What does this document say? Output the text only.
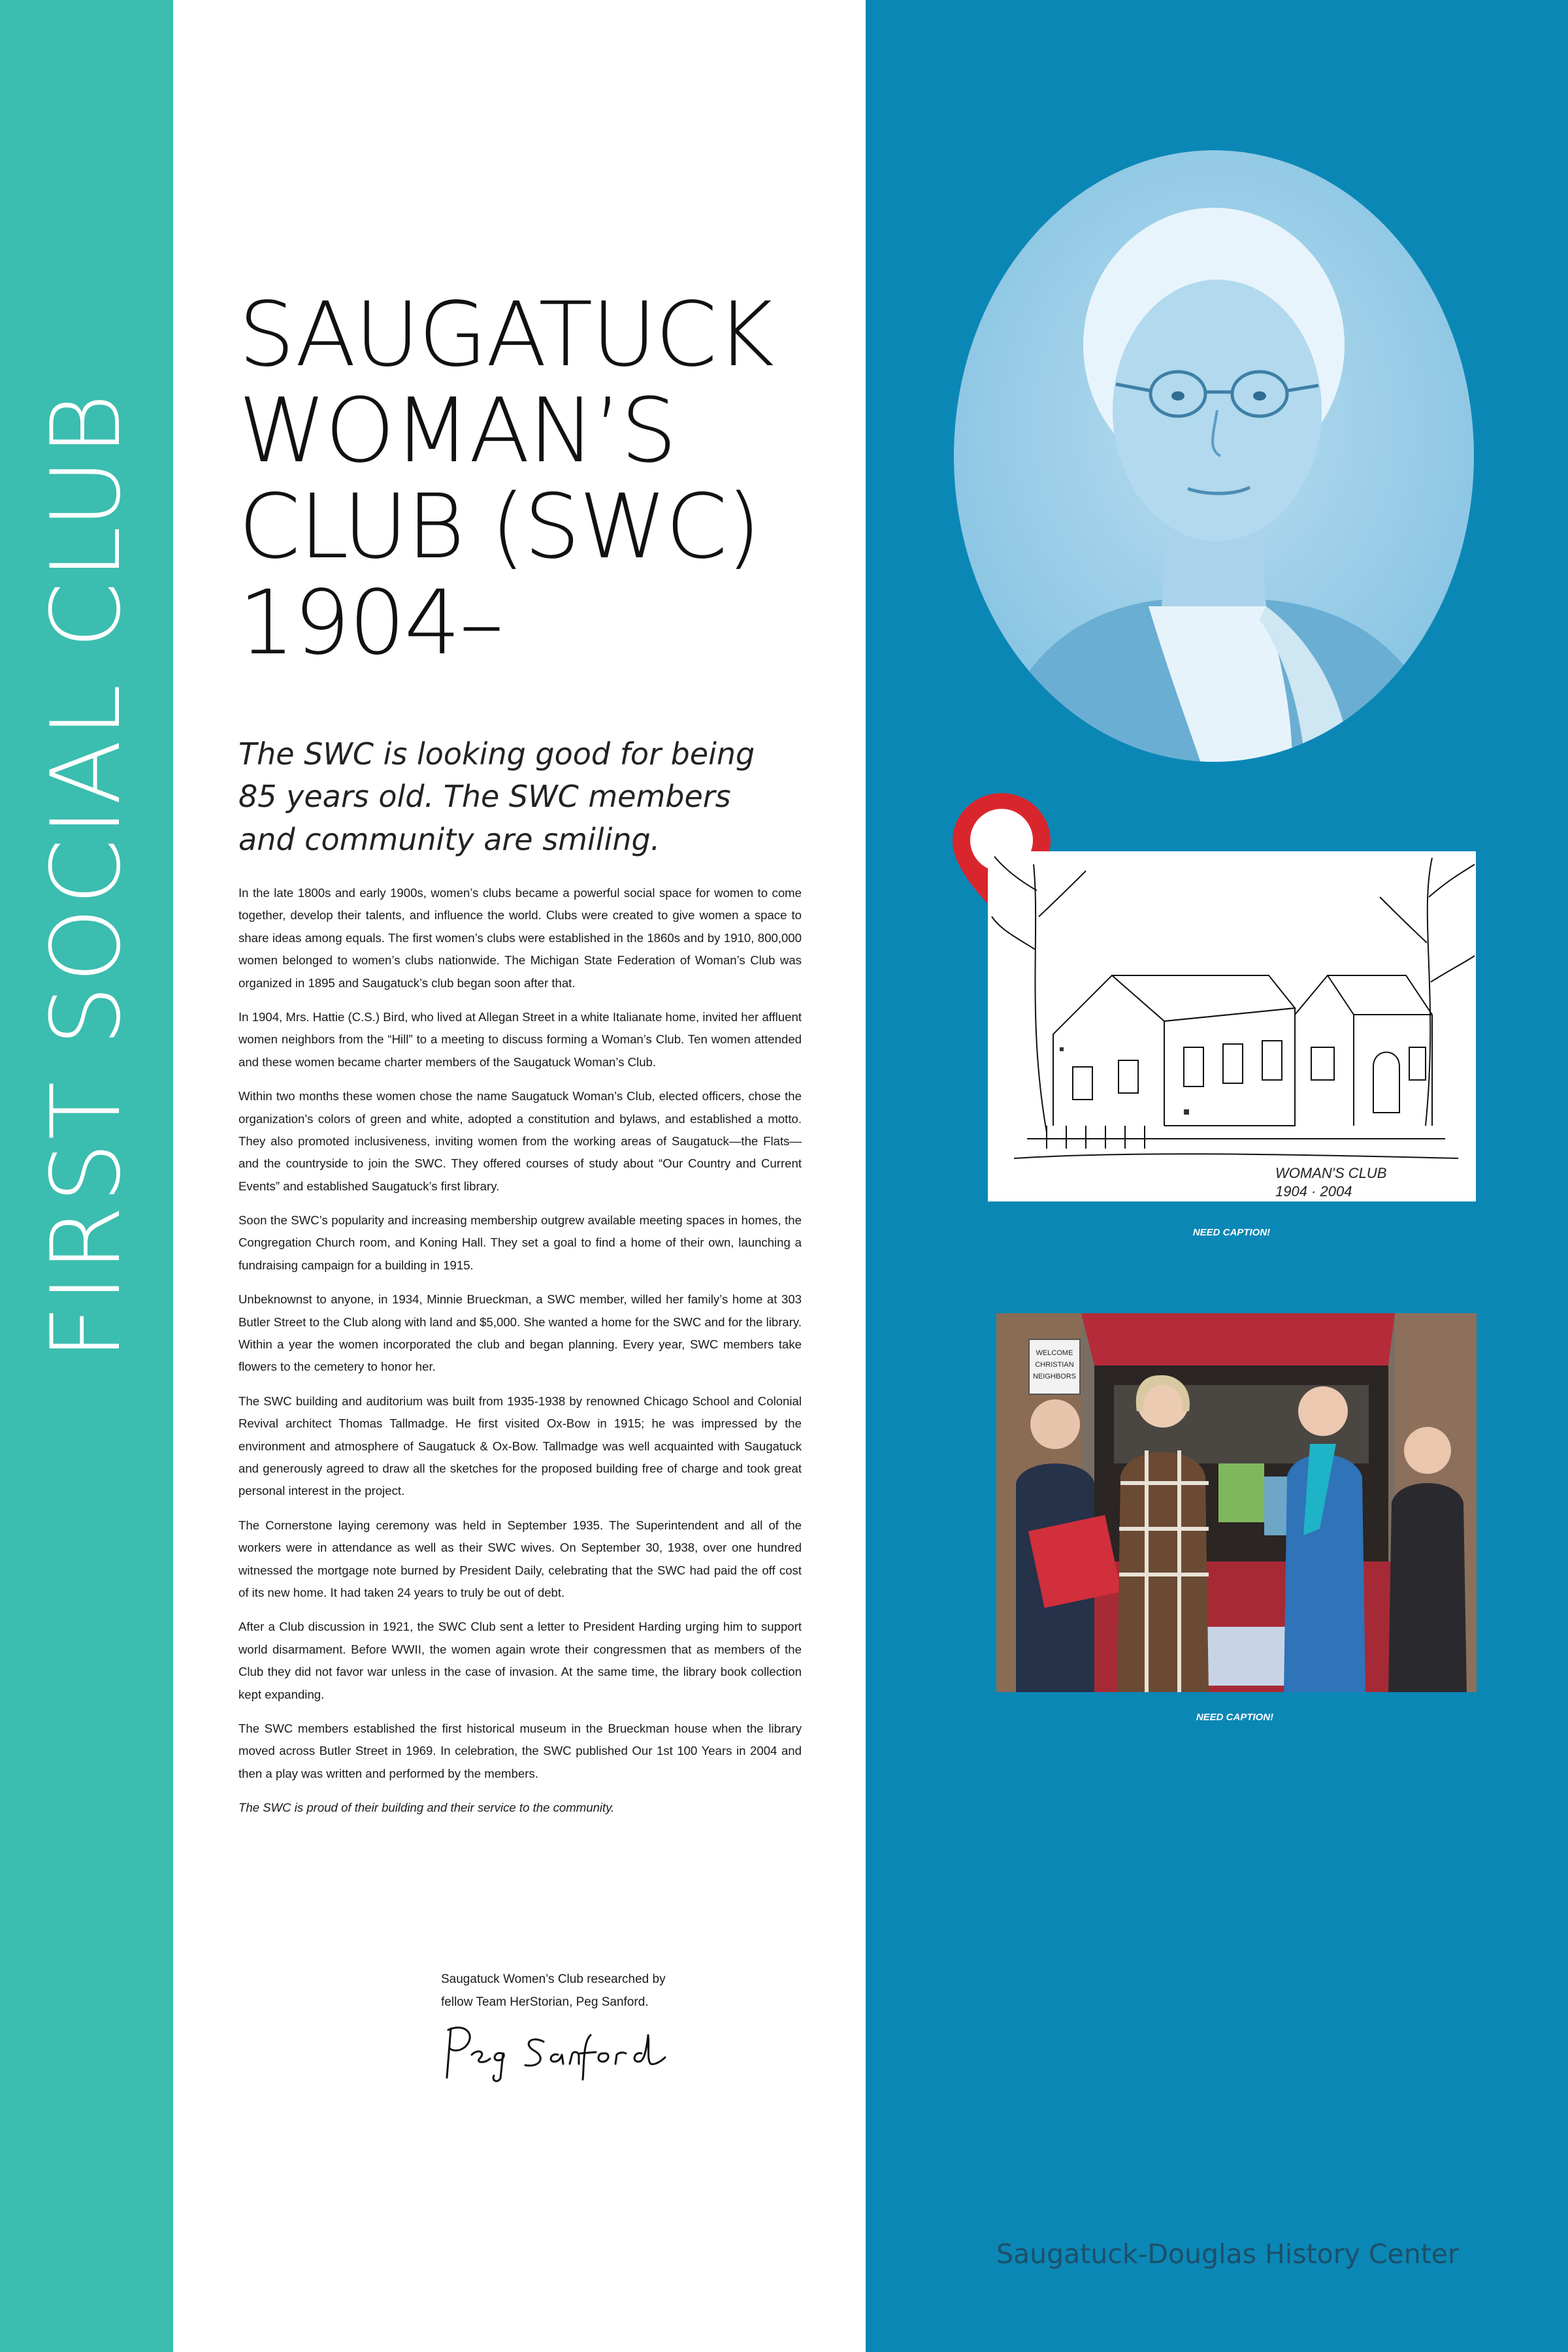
FIRST SOCIAL CLUB
SAUGATUCK
WOMAN’S
CLUB (SWC)
1904–
The SWC is looking good for being
85 years old. The SWC members
and community are smiling.

In the late 1800s and early 1900s, women’s clubs became a powerful social space for women to come together, develop their talents, and influence the world. Clubs were created to give women a space to share ideas among equals. The first women’s clubs were established in the 1860s and by 1910, 800,000 women belonged to women’s clubs nationwide. The Michigan State Federation of Woman’s Club was organized in 1895 and Saugatuck’s club began soon after that.

In 1904, Mrs. Hattie (C.S.) Bird, who lived at Allegan Street in a white Italianate home, invited her affluent women neighbors from the “Hill” to a meeting to discuss forming a Woman’s Club. Ten women attended and these women became charter members of the Saugatuck Woman’s Club.

Within two months these women chose the name Saugatuck Woman’s Club, elected officers, chose the organization’s colors of green and white, adopted a constitution and bylaws, and established a motto. They also promoted inclusiveness, inviting women from the working areas of Saugatuck—the Flats— and the countryside to join the SWC. They offered courses of study about “Our Country and Current Events” and established Saugatuck’s first library.

Soon the SWC’s popularity and increasing membership outgrew available meeting spaces in homes, the Congregation Church room, and Koning Hall. They set a goal to find a home of their own, launching a fundraising campaign for a building in 1915.

Unbeknownst to anyone, in 1934, Minnie Brueckman, a SWC member, willed her family’s home at 303 Butler Street to the Club along with land and $5,000. She wanted a home for the SWC and for the library. Within a year the women incorporated the club and began planning. Every year, SWC members take flowers to the cemetery to honor her.

The SWC building and auditorium was built from 1935-1938 by renowned Chicago School and Colonial Revival architect Thomas Tallmadge. He first visited Ox-Bow in 1915; he was impressed by the environment and atmosphere of Saugatuck & Ox-Bow. Tallmadge was well acquainted with Saugatuck and generously agreed to draw all the sketches for the proposed building free of charge and took great personal interest in the project.

The Cornerstone laying ceremony was held in September 1935. The Superintendent and all of the workers were in attendance as well as their SWC wives. On September 30, 1938, over one hundred witnessed the mortgage note burned by President Daily, celebrating that the SWC had paid the off cost of its new home. It had taken 24 years to truly be out of debt.

After a Club discussion in 1921, the SWC Club sent a letter to President Harding urging him to support world disarmament. Before WWII, the women again wrote their congressmen that as members of the Club they did not favor war unless in the case of invasion. At the same time, the library book collection kept expanding.

The SWC members established the first historical museum in the Brueckman house when the library moved across Butler Street in 1969. In celebration, the SWC published Our 1st 100 Years in 2004 and then a play was written and performed by the members.

The SWC is proud of their building and their service to the community.

Saugatuck Women’s Club researched by
fellow Team HerStorian, Peg Sanford.
WOMAN'S CLUB
1904 · 2004
NEED CAPTION!
WELCOME
CHRISTIAN
NEIGHBORS
NEED CAPTION!
Saugatuck-Douglas History Center
